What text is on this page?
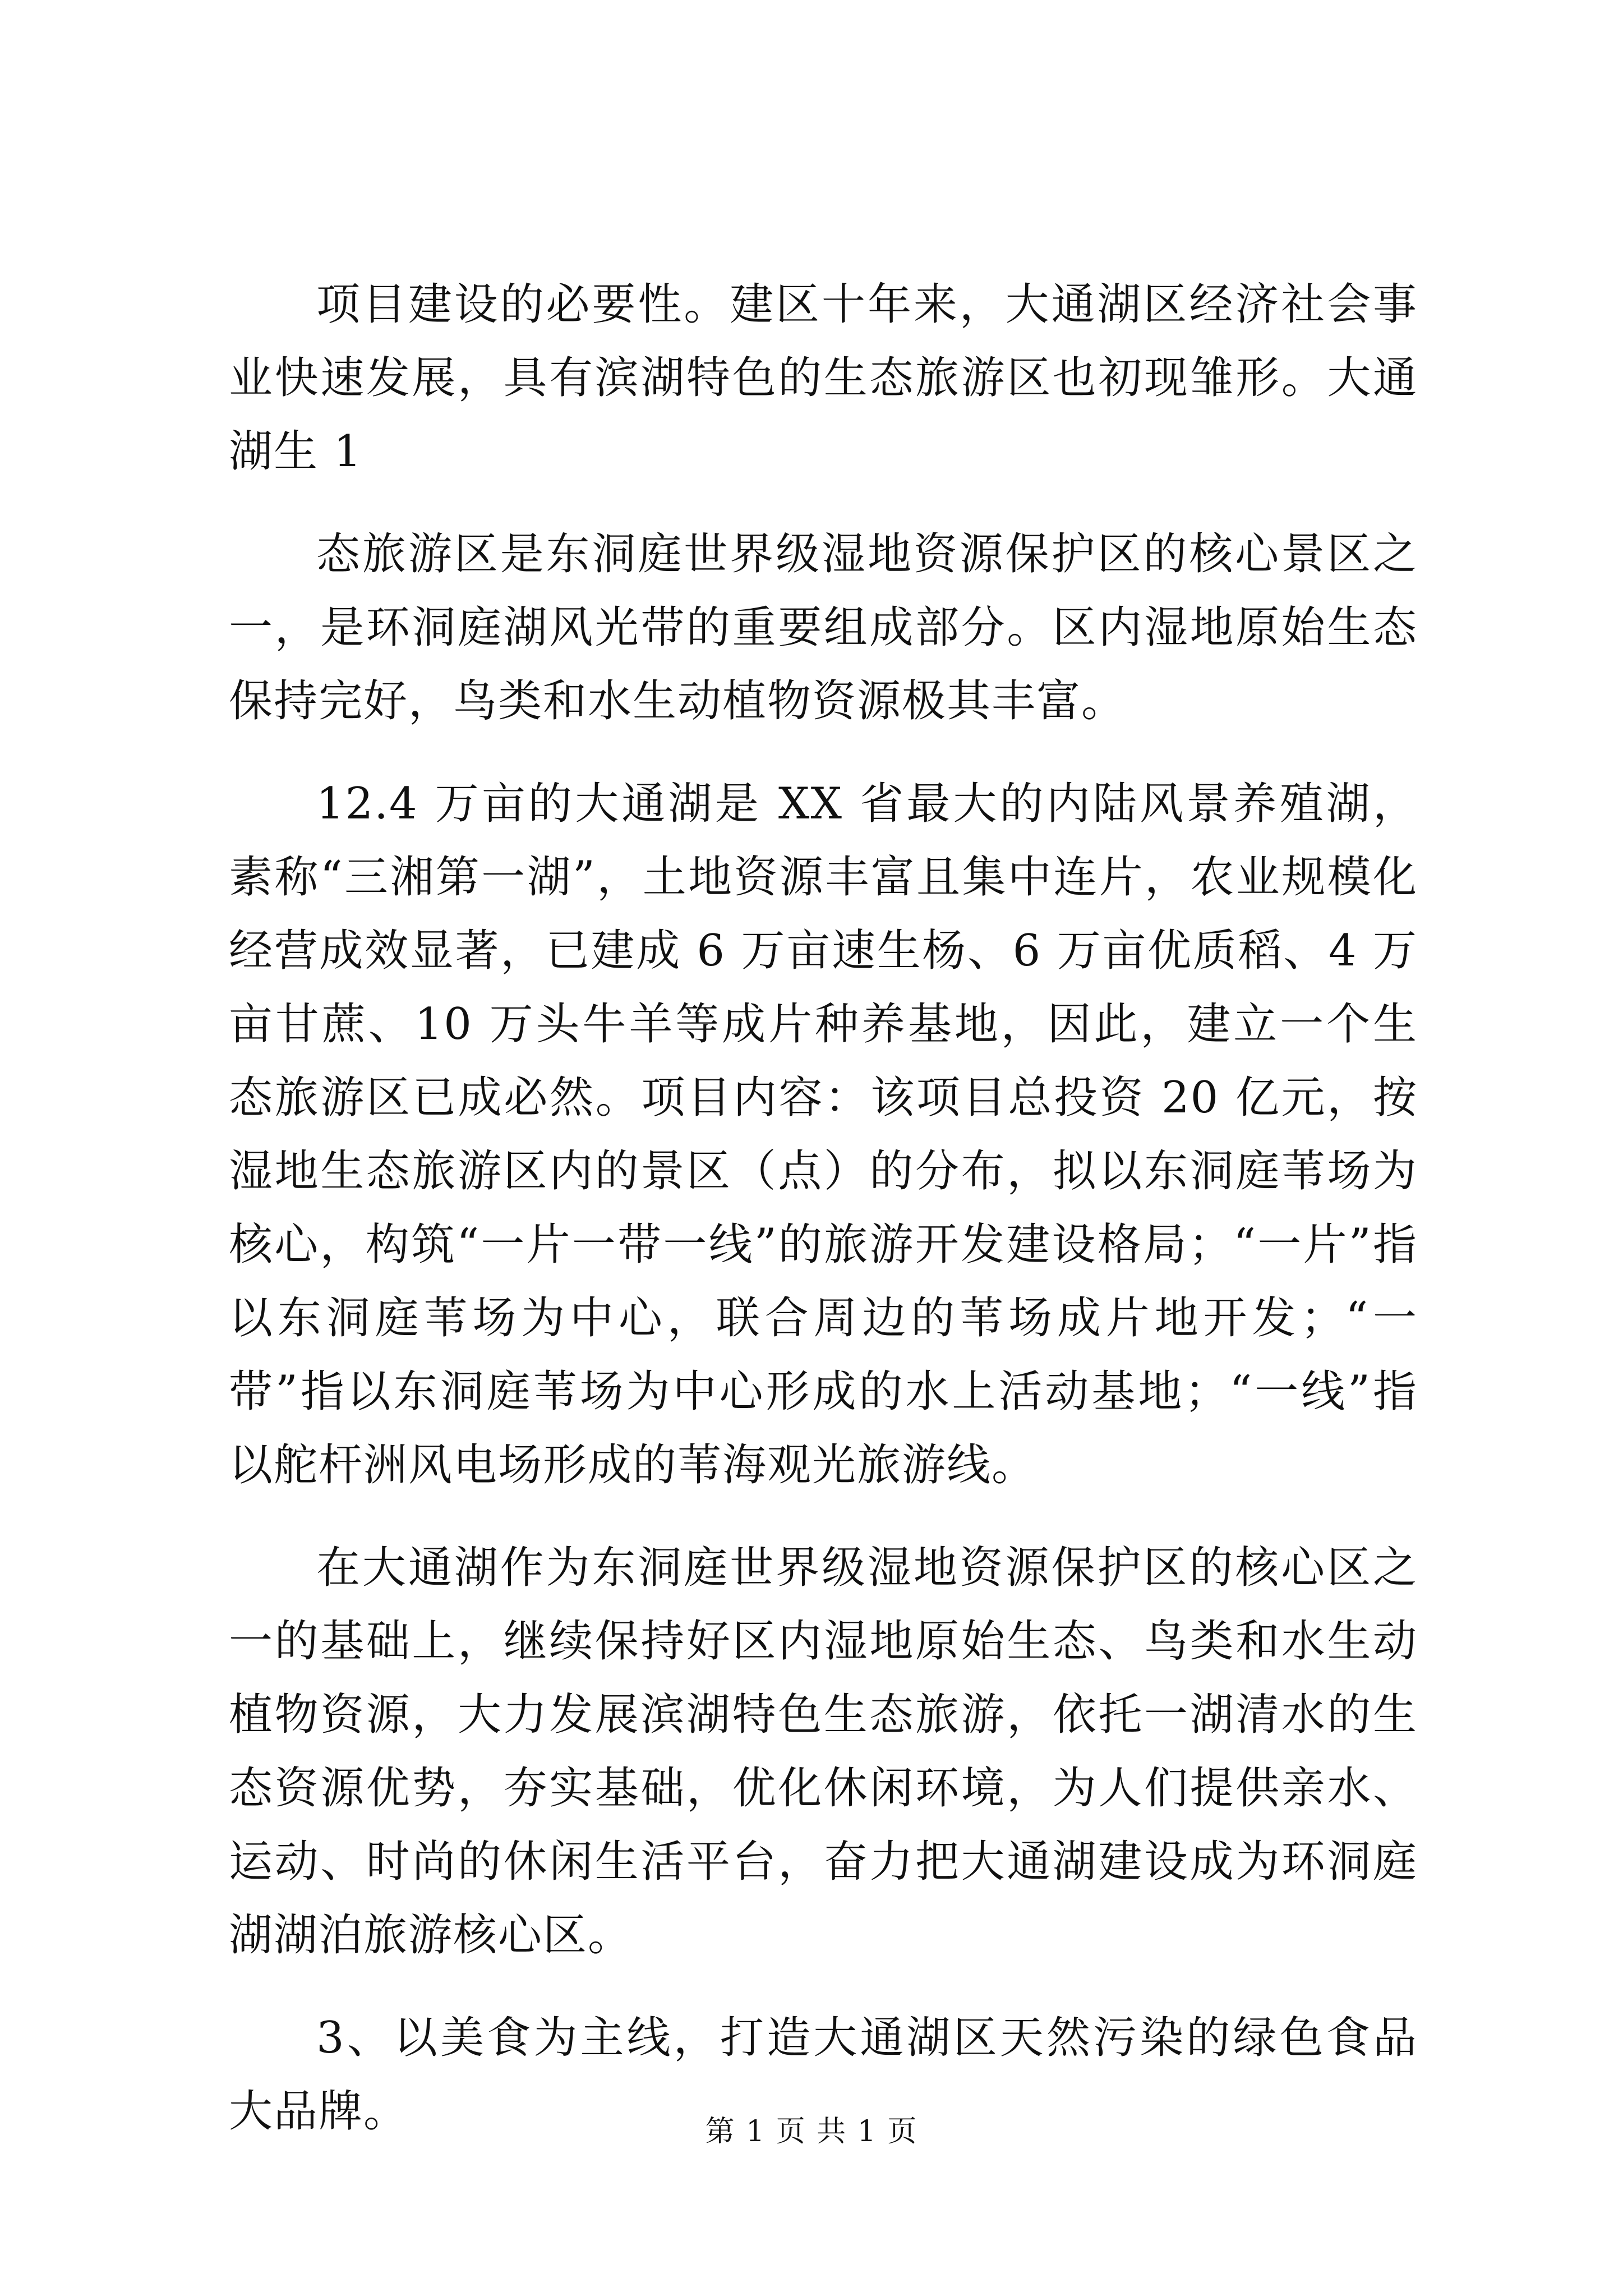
项目建设的必要性。建区十年来，大通湖区经济社会事业快速发展，具有滨湖特色的生态旅游区也初现雏形。大通湖生 1

态旅游区是东洞庭世界级湿地资源保护区的核心景区之一，是环洞庭湖风光带的重要组成部分。区内湿地原始生态保持完好，鸟类和水生动植物资源极其丰富。

12.4 万亩的大通湖是 XX 省最大的内陆风景养殖湖，素称“三湘第一湖”，土地资源丰富且集中连片，农业规模化经营成效显著，已建成 6 万亩速生杨、6 万亩优质稻、4 万亩甘蔗、10 万头牛羊等成片种养基地，因此，建立一个生态旅游区已成必然。项目内容：该项目总投资 20 亿元，按湿地生态旅游区内的景区（点）的分布，拟以东洞庭苇场为核心，构筑“一片一带一线”的旅游开发建设格局；“一片”指以东洞庭苇场为中心，联合周边的苇场成片地开发；“一带”指以东洞庭苇场为中心形成的水上活动基地；“一线”指以舵杆洲风电场形成的苇海观光旅游线。

在大通湖作为东洞庭世界级湿地资源保护区的核心区之一的基础上，继续保持好区内湿地原始生态、鸟类和水生动植物资源，大力发展滨湖特色生态旅游，依托一湖清水的生态资源优势，夯实基础，优化休闲环境，为人们提供亲水、运动、时尚的休闲生活平台，奋力把大通湖建设成为环洞庭湖湖泊旅游核心区。

3、以美食为主线，打造大通湖区天然污染的绿色食品大品牌。	第 1 页 共 1 页
